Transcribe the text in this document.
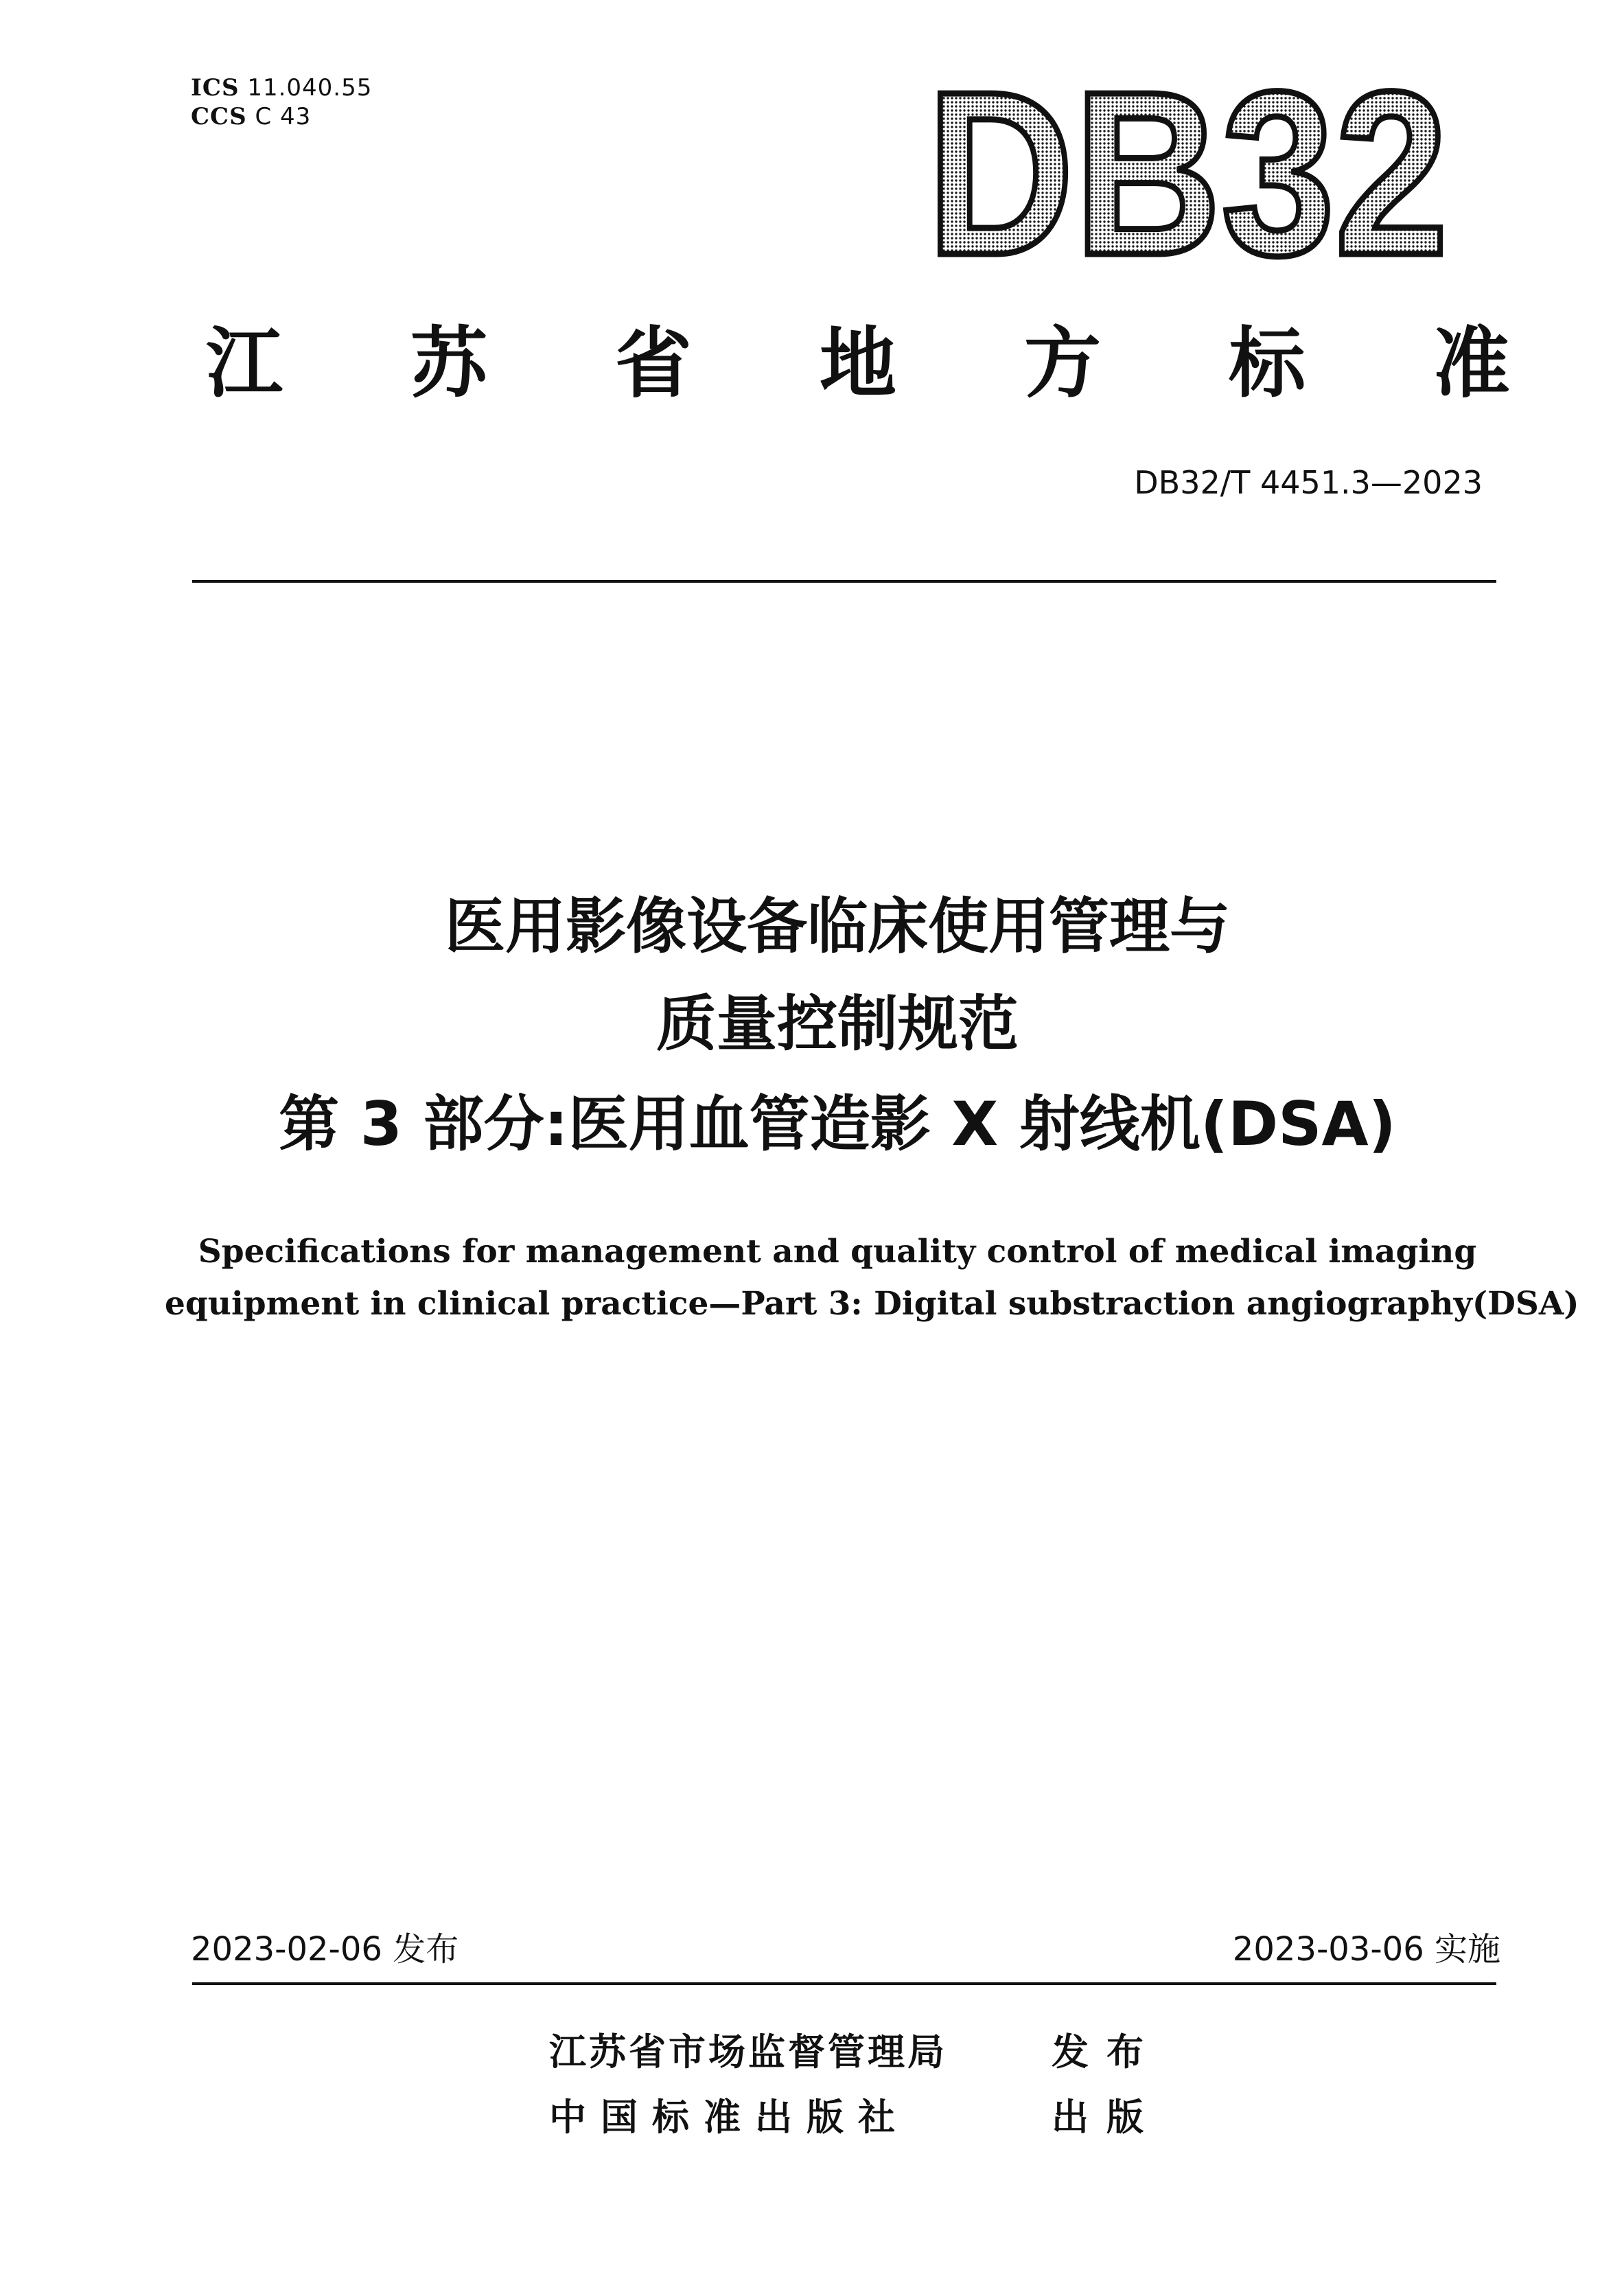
ICS 11.040.55
CCS C 43	DB32
江 苏 省 地 方 标 准
DB32/T 4451.3—2023
医用影像设备临床使用管理与
质量控制规范
第 3 部分:医用血管造影 X 射线机(DSA)
Specifications for management and quality control of medical imaging
equipment in clinical practice—Part 3: Digital substraction angiography(DSA)
2023-02-06 发布	2023-03-06 实施
江苏省市场监督管理局	发布
中国标准出版社	出版
